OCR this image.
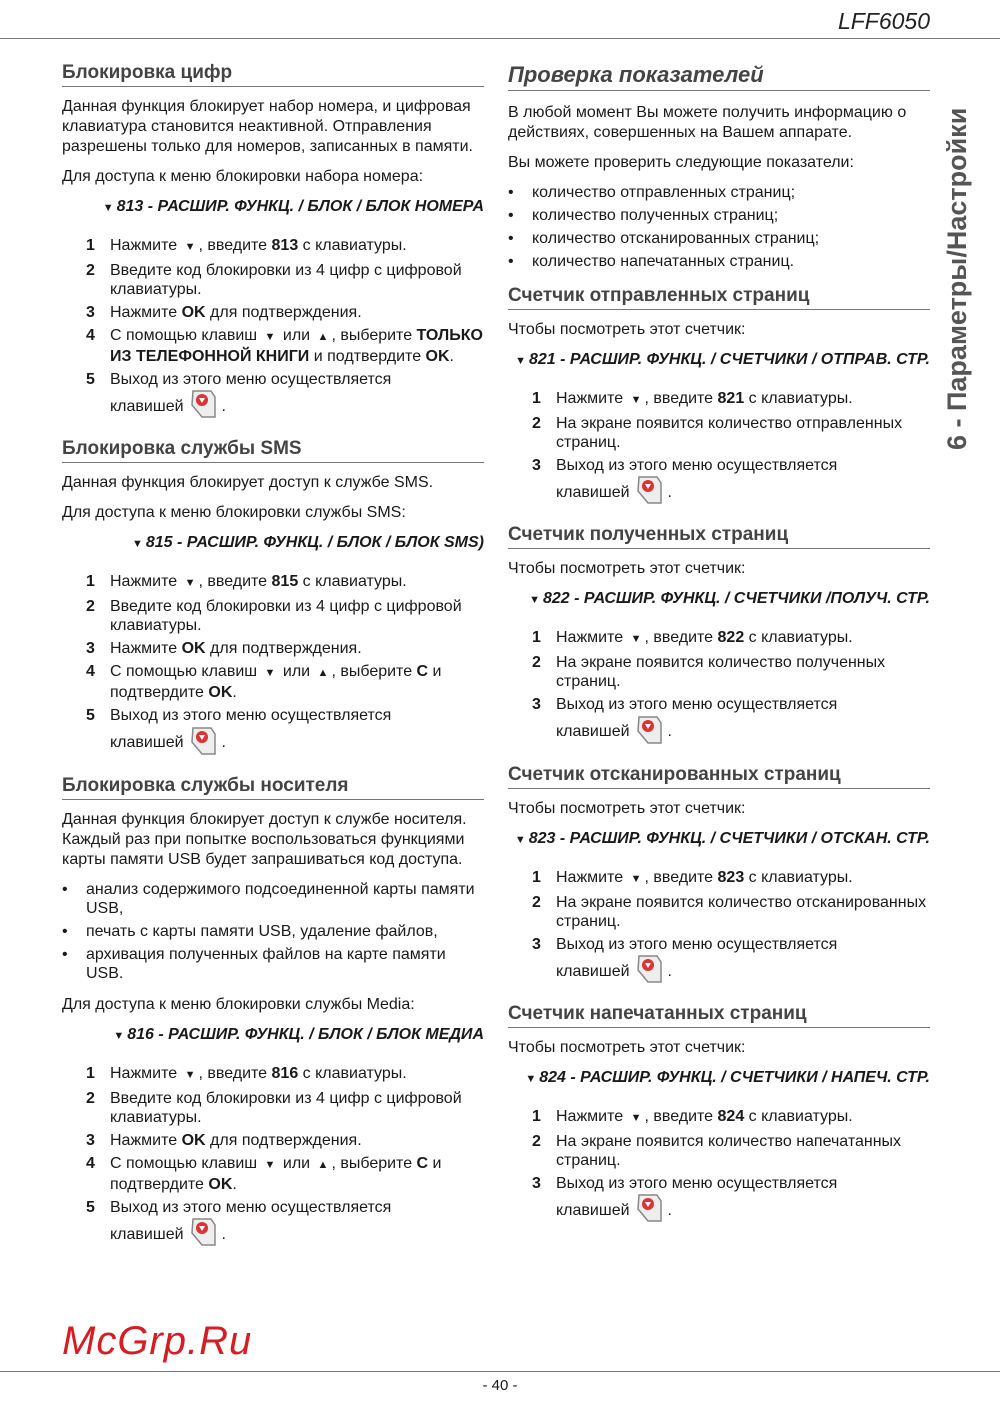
LFF6050
6 - Параметры/Настройки
Блокировка цифр

Данная функция блокирует набор номера, и цифровая клавиатура становится неактивной. Отправления разрешены только для номеров, записанных в памяти.

Для доступа к меню блокировки набора номера:

▼ 813 - РАСШИР. ФУНКЦ. / БЛОК / БЛОК НОМЕРА
1 Нажмите ▼ , введите 813 с клавиатуры.
2 Введите код блокировки из 4 цифр с цифровой клавиатуры.
3 Нажмите OK для подтверждения.
4 С помощью клавиш ▼ или ▲ , выберите ТОЛЬКО ИЗ ТЕЛЕФОННОЙ КНИГИ и подтвердите OK.
5 Выход из этого меню осуществляется
клавишей .
Блокировка службы SMS

Данная функция блокирует доступ к службе SMS.

Для доступа к меню блокировки службы SMS:

▼ 815 - РАСШИР. ФУНКЦ. / БЛОК / БЛОК SMS)
1 Нажмите ▼ , введите 815 с клавиатуры.
2 Введите код блокировки из 4 цифр с цифровой клавиатуры.
3 Нажмите OK для подтверждения.
4 С помощью клавиш ▼ или ▲ , выберите C и подтвердите OK.
5 Выход из этого меню осуществляется
клавишей .
Блокировка службы носителя

Данная функция блокирует доступ к службе носителя. Каждый раз при попытке воспользоваться функциями карты памяти USB будет запрашиваться код доступа.

• анализ содержимого подсоединенной карты памяти USB,
• печать с карты памяти USB, удаление файлов,
• архивация полученных файлов на карте памяти USB.

Для доступа к меню блокировки службы Media:

▼ 816 - РАСШИР. ФУНКЦ. / БЛОК / БЛОК МЕДИА
1 Нажмите ▼ , введите 816 с клавиатуры.
2 Введите код блокировки из 4 цифр с цифровой клавиатуры.
3 Нажмите OK для подтверждения.
4 С помощью клавиш ▼ или ▲ , выберите C и подтвердите OK.
5 Выход из этого меню осуществляется
клавишей .
Проверка показателей

В любой момент Вы можете получить информацию о действиях, совершенных на Вашем аппарате.

Вы можете проверить следующие показатели:

• количество отправленных страниц;
• количество полученных страниц;
• количество отсканированных страниц;
• количество напечатанных страниц.
Счетчик отправленных страниц

Чтобы посмотреть этот счетчик:

▼ 821 - РАСШИР. ФУНКЦ. / СЧЕТЧИКИ / ОТПРАВ. СТР.
1 Нажмите ▼ , введите 821 с клавиатуры.
2 На экране появится количество отправленных страниц.
3 Выход из этого меню осуществляется
клавишей .
Счетчик полученных страниц

Чтобы посмотреть этот счетчик:

▼ 822 - РАСШИР. ФУНКЦ. / СЧЕТЧИКИ /ПОЛУЧ. СТР.
1 Нажмите ▼ , введите 822 с клавиатуры.
2 На экране появится количество полученных страниц.
3 Выход из этого меню осуществляется
клавишей .
Счетчик отсканированных страниц

Чтобы посмотреть этот счетчик:

▼ 823 - РАСШИР. ФУНКЦ. / СЧЕТЧИКИ / ОТСКАН. СТР.
1 Нажмите ▼ , введите 823 с клавиатуры.
2 На экране появится количество отсканированных страниц.
3 Выход из этого меню осуществляется
клавишей .
Счетчик напечатанных страниц

Чтобы посмотреть этот счетчик:

▼ 824 - РАСШИР. ФУНКЦ. / СЧЕТЧИКИ / НАПЕЧ. СТР.
1 Нажмите ▼ , введите 824 с клавиатуры.
2 На экране появится количество напечатанных страниц.
3 Выход из этого меню осуществляется
клавишей .
McGrp.Ru
- 40 -
